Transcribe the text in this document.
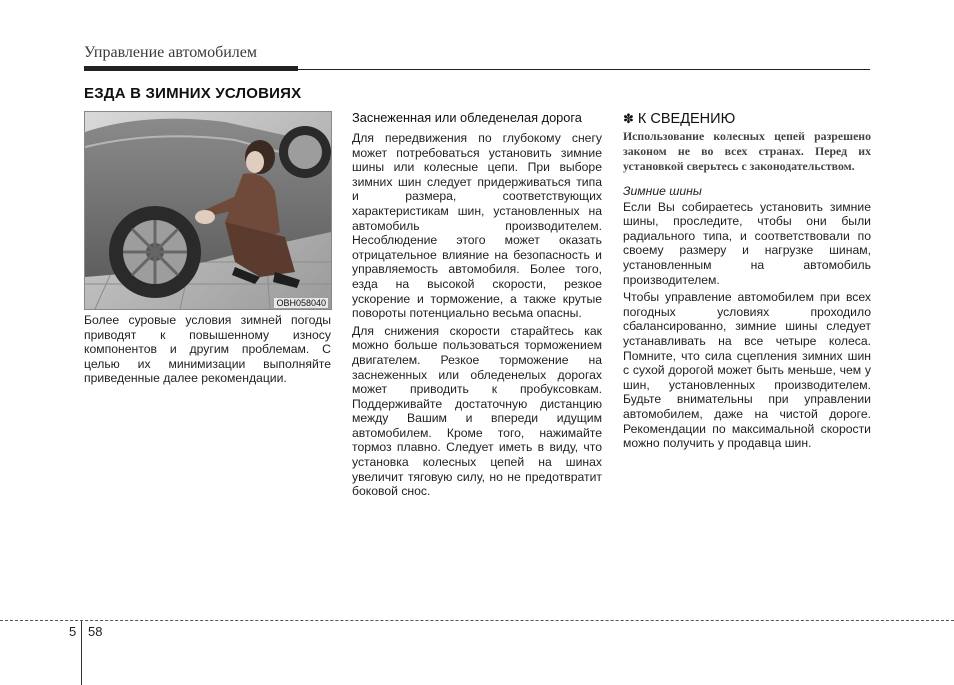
Управление автомобилем
ЕЗДА В ЗИМНИХ УСЛОВИЯХ
OBH058040

Более суровые условия зимней погоды приводят к повышенному износу компонентов и другим проблемам. С целью их минимизации выполняйте приведенные далее рекомендации.

Заснеженная или обледенелая дорога

Для передвижения по глубокому снегу может потребоваться установить зимние шины или колесные цепи. При выборе зимних шин следует придерживаться типа и размера, соответствующих характеристикам шин, установленных на автомобиль производителем. Несоблюдение этого может оказать отрицательное влияние на безопасность и управляемость автомобиля. Более того, езда на высокой скорости, резкое ускорение и торможение, а также крутые повороты потенциально весьма опасны.

Для снижения скорости старайтесь как можно больше пользоваться торможением двигателем. Резкое торможение на заснеженных или обледенелых дорогах может приводить к пробуксовкам. Поддерживайте достаточную дистанцию между Вашим и впереди идущим автомобилем. Кроме того, нажимайте тормоз плавно. Следует иметь в виду, что установка колесных цепей на шинах увеличит тяговую силу, но не предотвратит боковой снос.

✽ К СВЕДЕНИЮ

Использование колесных цепей разрешено законом не во всех странах. Перед их установкой сверьтесь с законодательством.

Зимние шины

Если Вы собираетесь установить зимние шины, проследите, чтобы они были радиального типа, и соответствовали по своему размеру и нагрузке шинам, установленным на автомобиль производителем.

Чтобы управление автомобилем при всех погодных условиях проходило сбалансированно, зимние шины следует устанавливать на все четыре колеса. Помните, что сила сцепления зимних шин с сухой дорогой может быть меньше, чем у шин, установленных производителем. Будьте внимательны при управлении автомобилем, даже на чистой дороге. Рекомендации по максимальной скорости можно получить у продавца шин.

5 58
